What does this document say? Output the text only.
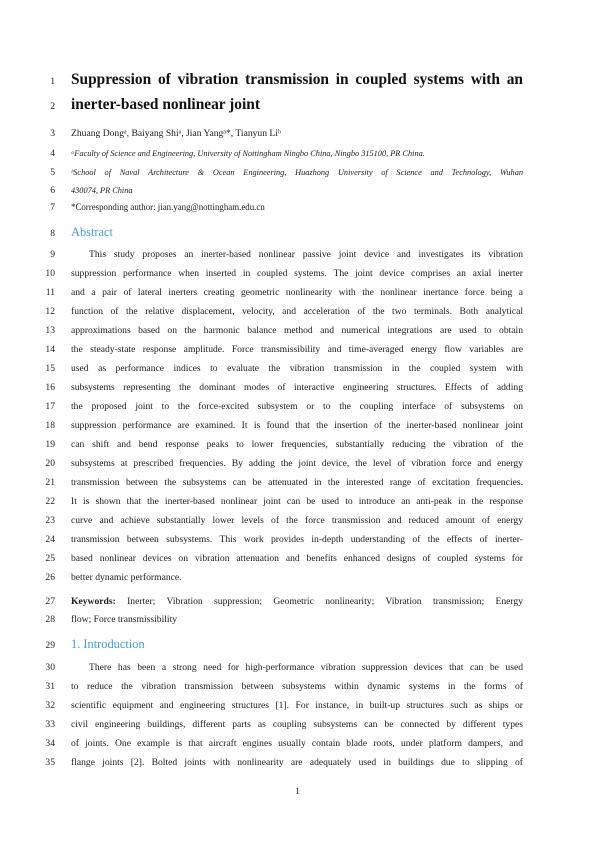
1
2
3
4
5
6
7
8
9
10
11
12
13
14
15
16
17
18
19
20
21
22
23
24
25
26
27
28
29
30
31
32
33
34
35
Suppression of vibration transmission in coupled systems with an
inerter-based nonlinear joint
Zhuang Dongᵃ, Baiyang Shiᵃ, Jian Yangᵃ*, Tianyun Liᵇ
ᵃFaculty of Science and Engineering, University of Nottingham Ningbo China, Ningbo 315100, PR China.
ᵇSchool of Naval Architecture & Ocean Engineering, Huazhong University of Science and Technology, Wuhan
430074, PR China
*Corresponding author: jian.yang@nottingham.edu.cn
Abstract
This study proposes an inerter-based nonlinear passive joint device and investigates its vibration
suppression performance when inserted in coupled systems. The joint device comprises an axial inerter
and a pair of lateral inerters creating geometric nonlinearity with the nonlinear inertance force being a
function of the relative displacement, velocity, and acceleration of the two terminals. Both analytical
approximations based on the harmonic balance method and numerical integrations are used to obtain
the steady-state response amplitude. Force transmissibility and time-averaged energy flow variables are
used as performance indices to evaluate the vibration transmission in the coupled system with
subsystems representing the dominant modes of interactive engineering structures. Effects of adding
the proposed joint to the force-excited subsystem or to the coupling interface of subsystems on
suppression performance are examined. It is found that the insertion of the inerter-based nonlinear joint
can shift and bend response peaks to lower frequencies, substantially reducing the vibration of the
subsystems at prescribed frequencies. By adding the joint device, the level of vibration force and energy
transmission between the subsystems can be attenuated in the interested range of excitation frequencies.
It is shown that the inerter-based nonlinear joint can be used to introduce an anti-peak in the response
curve and achieve substantially lower levels of the force transmission and reduced amount of energy
transmission between subsystems. This work provides in-depth understanding of the effects of inerter-
based nonlinear devices on vibration attenuation and benefits enhanced designs of coupled systems for
better dynamic performance.
Keywords: Inerter; Vibration suppression; Geometric nonlinearity; Vibration transmission; Energy
flow; Force transmissibility
1. Introduction
There has been a strong need for high-performance vibration suppression devices that can be used
to reduce the vibration transmission between subsystems within dynamic systems in the forms of
scientific equipment and engineering structures [1]. For instance, in built-up structures such as ships or
civil engineering buildings, different parts as coupling subsystems can be connected by different types
of joints. One example is that aircraft engines usually contain blade roots, under platform dampers, and
flange joints [2]. Bolted joints with nonlinearity are adequately used in buildings due to slipping of
1
